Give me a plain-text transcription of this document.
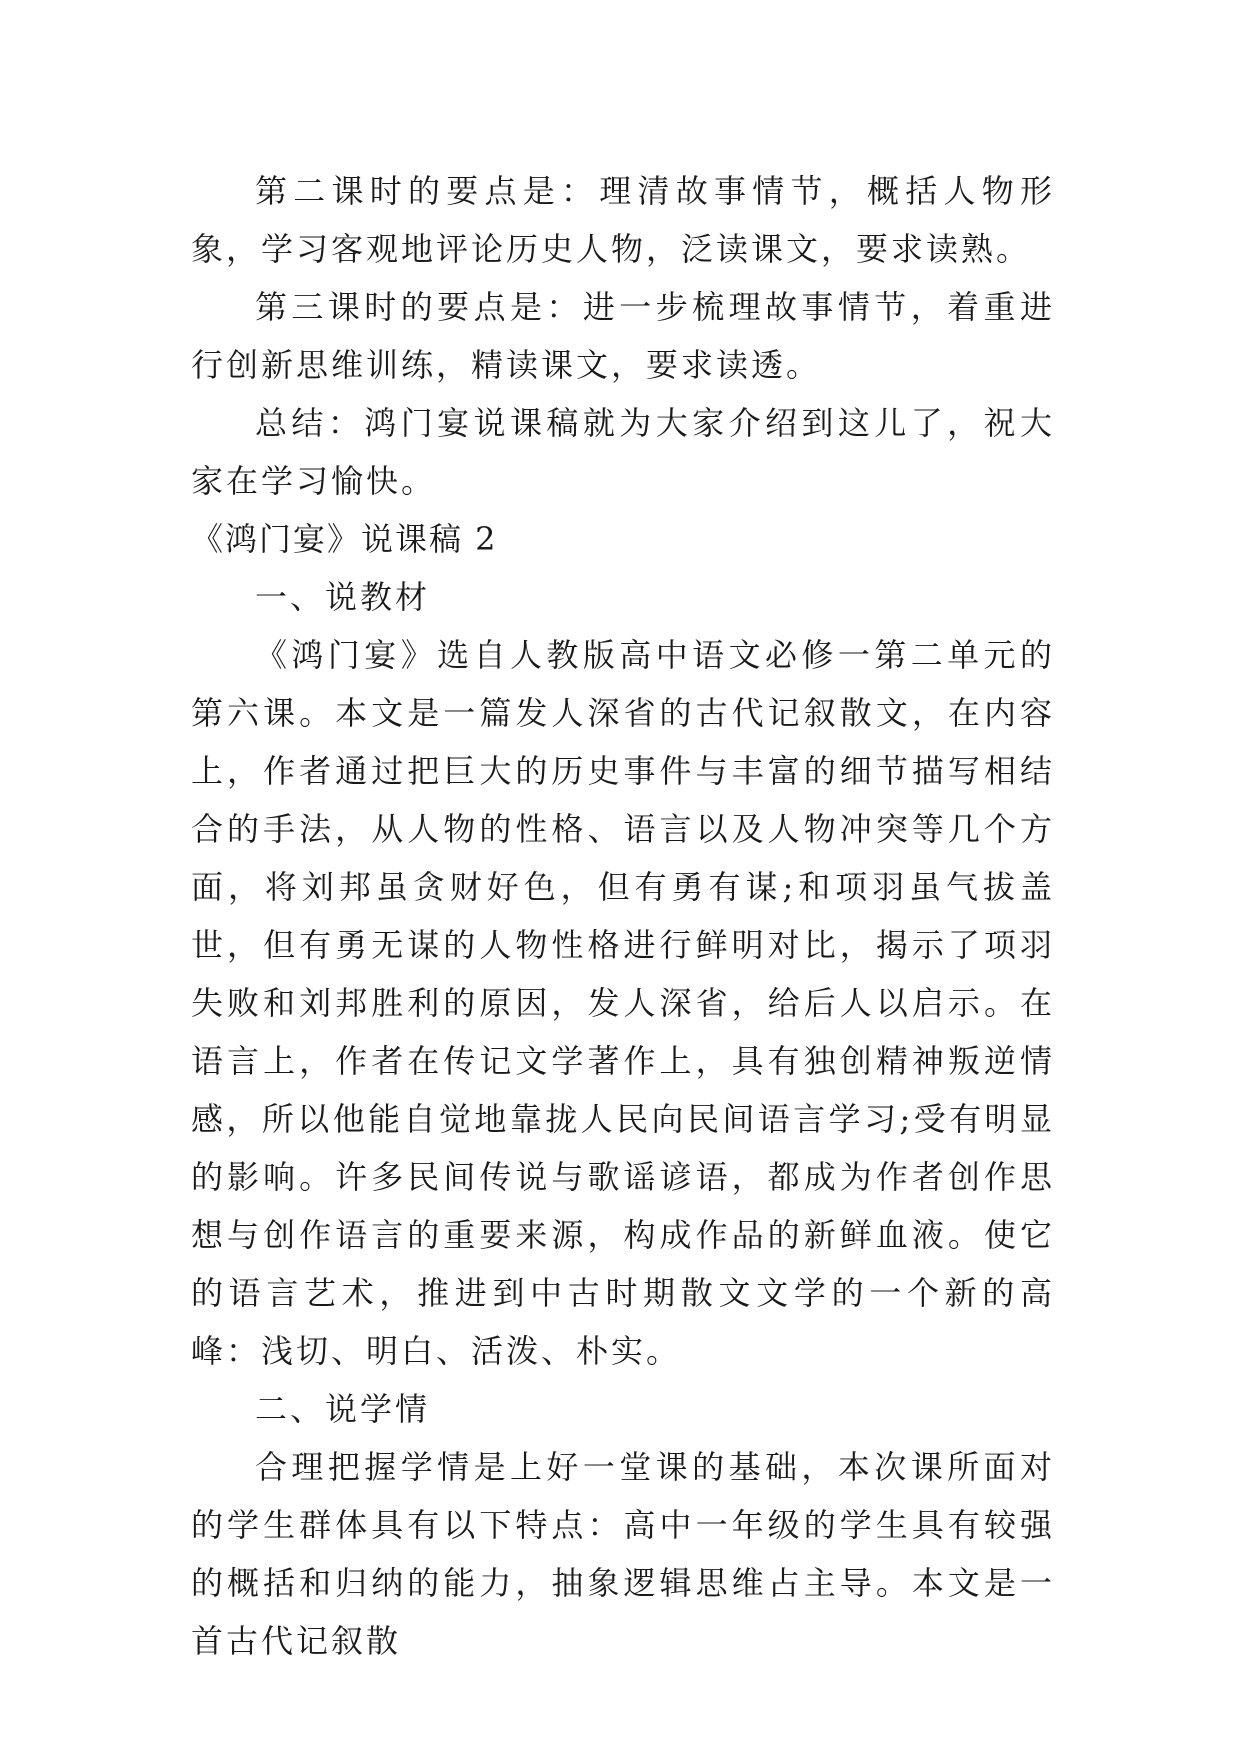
第二课时的要点是：理清故事情节，概括人物形象，学习客观地评论历史人物，泛读课文，要求读熟。

第三课时的要点是：进一步梳理故事情节，着重进行创新思维训练，精读课文，要求读透。

总结：鸿门宴说课稿就为大家介绍到这儿了，祝大家在学习愉快。

《鸿门宴》说课稿 2

一、说教材

《鸿门宴》选自人教版高中语文必修一第二单元的第六课。本文是一篇发人深省的古代记叙散文，在内容上，作者通过把巨大的历史事件与丰富的细节描写相结合的手法，从人物的性格、语言以及人物冲突等几个方面，将刘邦虽贪财好色，但有勇有谋;和项羽虽气拔盖世，但有勇无谋的人物性格进行鲜明对比，揭示了项羽失败和刘邦胜利的原因，发人深省，给后人以启示。在语言上，作者在传记文学著作上，具有独创精神叛逆情感，所以他能自觉地靠拢人民向民间语言学习;受有明显的影响。许多民间传说与歌谣谚语，都成为作者创作思想与创作语言的重要来源，构成作品的新鲜血液。使它的语言艺术，推进到中古时期散文文学的一个新的高峰：浅切、明白、活泼、朴实。

二、说学情

合理把握学情是上好一堂课的基础，本次课所面对的学生群体具有以下特点：高中一年级的学生具有较强的概括和归纳的能力，抽象逻辑思维占主导。本文是一首古代记叙散
